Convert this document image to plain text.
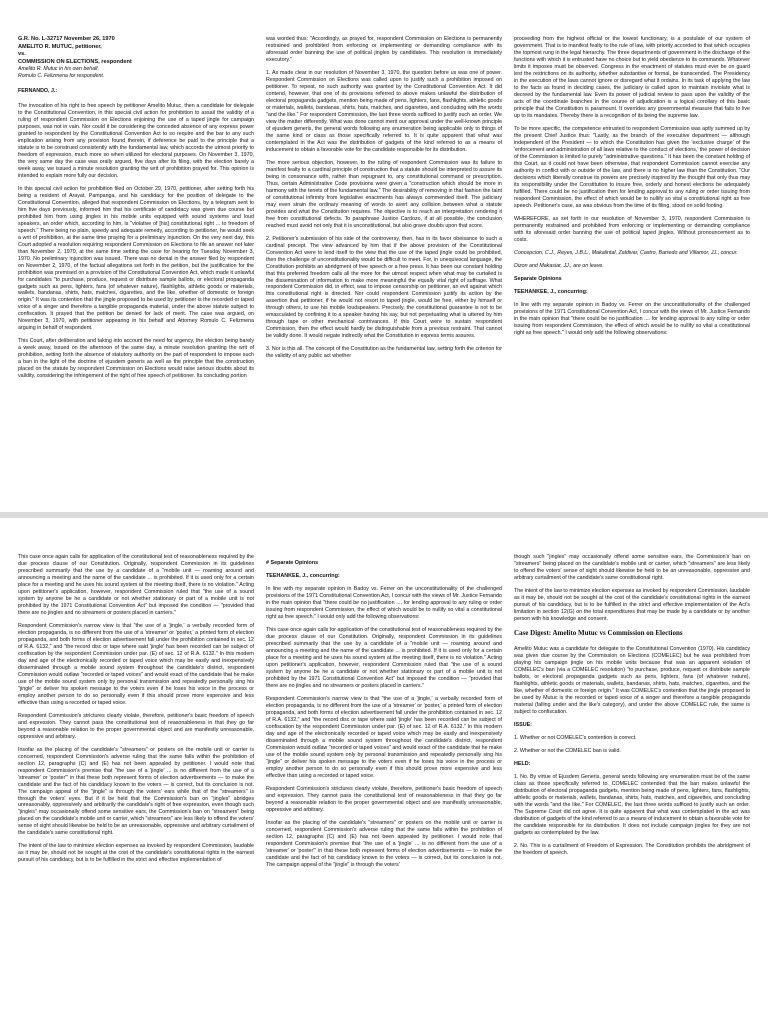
G.R. No. L-32717 November 26, 1970
AMELITO R. MUTUC, petitioner,
vs.
COMMISSION ON ELECTIONS, respondent
Amelito R. Mutuc in his own behalf.
Romulo C. Felizmena for respondent.
FERNANDO, J.:

The invocation of his right to free speech by petitioner Amelito Mutuc, then a candidate for delegate to the Constitutional Convention, in this special civil action for prohibition to assail the validity of a ruling of respondent Commission on Elections enjoining the use of a taped jingle for campaign purposes, was not in vain. Nor could it be considering the conceded absence of any express power granted to respondent by the Constitutional Convention Act to so require and the bar to any such implication arising from any provision found therein, if deference be paid to the principle that a statute is to be construed consistently with the fundamental law, which accords the utmost priority to freedom of expression, much more so when utilized for electoral purposes. On November 3, 1970, the very same day the case was orally argued, five days after its filing, with the election barely a week away, we issued a minute resolution granting the writ of prohibition prayed for. This opinion is intended to explain more fully our decision.

In this special civil action for prohibition filed on October 29, 1970, petitioner, after setting forth his being a resident of Arayat, Pampanga, and his candidacy for the position of delegate to the Constitutional Convention, alleged that respondent Commission on Elections, by a telegram sent to him five days previously, informed him that his certificate of candidacy was given due course but prohibited him from using jingles in his mobile units equipped with sound systems and loud speakers, an order which, according to him, is "violative of [his] constitutional right ... to freedom of speech." There being no plain, speedy and adequate remedy, according to petitioner, he would seek a writ of prohibition, at the same time praying for a preliminary injunction. On the very next day, this Court adopted a resolution requiring respondent Commission on Elections to file an answer not later than November 2, 1970, at the same time setting the case for hearing for Tuesday November 3, 1970. No preliminary injunction was issued. There was no denial in the answer filed by respondent on November 2, 1970, of the factual allegations set forth in the petition, but the justification for the prohibition was premised on a provision of the Constitutional Convention Act, which made it unlawful for candidates "to purchase, produce, request or distribute sample ballots, or electoral propaganda gadgets such as pens, lighters, fans (of whatever nature), flashlights, athletic goods or materials, wallets, bandanas, shirts, hats, matches, cigarettes, and the like, whether of domestic or foreign origin." It was its contention that the jingle proposed to be used by petitioner is the recorded or taped voice of a singer and therefore a tangible propaganda material, under the above statute subject to confiscation. It prayed that the petition be denied for lack of merit. The case was argued, on November 3, 1970, with petitioner appearing in his behalf and Attorney Romulo C. Felizmena arguing in behalf of respondent.

This Court, after deliberation and taking into account the need for urgency, the election being barely a week away, issued on the afternoon of the same day, a minute resolution granting the writ of prohibition, setting forth the absence of statutory authority on the part of respondent to impose such a ban in the light of the doctrine of ejusdem generis as well as the principle that the construction placed on the statute by respondent Commission on Elections would raise serious doubts about its validity, considering the infringement of the right of free speech of petitioner. Its concluding portion

was worded thus: "Accordingly, as prayed for, respondent Commission on Elections is permanently restrained and prohibited from enforcing or implementing or demanding compliance with its aforesaid order banning the use of political jingles by candidates. This resolution is immediately executory."

1. As made clear in our resolution of November 3, 1970, the question before us was one of power. Respondent Commission on Elections was called upon to justify such a prohibition imposed on petitioner. To repeat, no such authority was granted by the Constitutional Convention Act. It did contend, however, that one of its provisions referred to above makes unlawful the distribution of electoral propaganda gadgets, mention being made of pens, lighters, fans, flashlights, athletic goods or materials, wallets, bandanas, shirts, hats, matches, and cigarettes, and concluding with the words "and the like." For respondent Commission, the last three words sufficed to justify such an order. We view the matter differently. What was done cannot merit our approval under the well-known principle of ejusdem generis, the general words following any enumeration being applicable only to things of the same kind or class as those specifically referred to. It is quite apparent that what was contemplated in the Act was the distribution of gadgets of the kind referred to as a means of inducement to obtain a favorable vote for the candidate responsible for its distribution.

The more serious objection, however, to the ruling of respondent Commission was its failure to manifest fealty to a cardinal principle of construction that a statute should be interpreted to assure its being in consonance with, rather than repugnant to, any constitutional command or prescription. Thus, certain Administrative Code provisions were given a "construction which should be more in harmony with the tenets of the fundamental law." The desirability of removing in that fashion the taint of constitutional infirmity from legislative enactments has always commended itself. The judiciary may even strain the ordinary meaning of words to avert any collision between what a statute provides and what the Constitution requires. The objective is to reach an interpretation rendering it free from constitutional defects. To paraphrase Justice Cardozo, if at all possible, the conclusion reached must avoid not only that it is unconstitutional, but also grave doubts upon that score.

2. Petitioner's submission of his side of the controversy, then, has in its favor obeisance to such a cardinal precept. The view advanced by him that if the above provision of the Constitutional Convention Act were to lend itself to the view that the use of the taped jingle could be prohibited, then the challenge of unconstitutionality would be difficult to meet. For, in unequivocal language, the Constitution prohibits an abridgment of free speech or a free press. It has been our constant holding that this preferred freedom calls all the more for the utmost respect when what may be curtailed is the dissemination of information to make more meaningful the equally vital right of suffrage. What respondent Commission did, in effect, was to impose censorship on petitioner, an evil against which this constitutional right is directed. Nor could respondent Commission justify its action by the assertion that petitioner, if he would not resort to taped jingle, would be free, either by himself or through others, to use his mobile loudspeakers. Precisely, the constitutional guarantee is not to be emasculated by confining it to a speaker having his say, but not perpetuating what is uttered by him through tape or other mechanical contrivances. If this Court were to sustain respondent Commission, then the effect would hardly be distinguishable from a previous restraint. That cannot be validly done. It would negate indirectly what the Constitution in express terms assures.

3. Nor is this all. The concept of the Constitution as the fundamental law, setting forth the criterion for the validity of any public act whether

proceeding from the highest official or the lowest functionary, is a postulate of our system of government. That is to manifest fealty to the rule of law, with priority accorded to that which occupies the topmost rung in the legal hierarchy. The three departments of government in the discharge of the functions with which it is entrusted have no choice but to yield obedience to its commands. Whatever limits it imposes must be observed. Congress in the enactment of statutes must ever be on guard lest the restrictions on its authority, whether substantive or formal, be transcended. The Presidency in the execution of the laws cannot ignore or disregard what it ordains. In its task of applying the law to the facts as found in deciding cases, the judiciary is called upon to maintain inviolate what is decreed by the fundamental law. Even its power of judicial review to pass upon the validity of the acts of the coordinate branches in the course of adjudication is a logical corollary of this basic principle that the Constitution is paramount. It overrides any governmental measure that fails to live up to its mandates. Thereby there is a recognition of its being the supreme law.

To be more specific, the competence entrusted to respondent Commission was aptly summed up by the present Chief Justice thus: "Lastly, as the branch of the executive department — although independent of the President — to which the Constitution has given the 'exclusive charge' of the 'enforcement and administration of all laws relative to the conduct of elections,' the power of decision of the Commission is limited to purely "administrative questions." It has been the constant holding of this Court, as it could not have been otherwise, that respondent Commission cannot exercise any authority in conflict with or outside of the law, and there is no higher law than the Constitution. "Our decisions which liberally construe its powers are precisely inspired by the thought that only thus may its responsibility under the Constitution to insure free, orderly and honest elections be adequately fulfilled. There could be no justification then for lending approval to any ruling or order issuing from respondent Commission, the effect of which would be to nullify so vital a constitutional right as free speech. Petitioner's case, as was obvious from the time of its filing, stood on solid footing.

WHEREFORE, as set forth in our resolution of November 3, 1970, respondent Commission is permanently restrained and prohibited from enforcing or implementing or demanding compliance with its aforesaid order banning the use of political taped jingles. Without pronouncement as to costs.

Concepcion, C.J., Reyes, J.B.L., Makalintal, Zaldivar, Castro, Barredo and Villamor, JJ., concur.

Dizon and Makasiar, JJ., are on leave.

Separate Opinions
TEEHANKEE, J., concurring:

In line with my separate opinion in Badoy vs. Ferrer on the unconstitutionality of the challenged provisions of the 1971 Constitutional Convention Act, I concur with the views of Mr. Justice Fernando in the main opinion that "there could be no justification .... for lending approval to any ruling or order issuing from respondent Commission, the effect of which would be to nullify so vital a constitutional right as free speech." I would only add the following observations:

This case once again calls for application of the constitutional test of reasonableness required by the due process clause of our Constitution. Originally, respondent Commission in its guidelines prescribed summarily that the use by a candidate of a "mobile unit — roaming around and announcing a meeting and the name of the candidate ... is prohibited. If it is used only for a certain place for a meeting and he uses his sound system at the meeting itself, there is no violation." Acting upon petitioner's application, however, respondent Commission ruled that "the use of a sound system by anyone be he a candidate or not whether stationary or part of a mobile unit is not prohibited by the 1971 Constitutional Convention Act" but imposed the condition — "provided that there are no jingles and no streamers or posters placed in carriers."

Respondent Commission's narrow view is that "the use of a 'jingle,' a verbally recorded form of election propaganda, is no different from the use of a 'streamer' or 'poster,' a printed form of election propaganda, and both forms of election advertisement fall under the prohibition contained in sec. 12 of R.A. 6132," and "the record disc or tape where said 'jingle' has been recorded can be subject of confiscation by the respondent Commission under par. (E) of sec. 12 of R.A. 6132." In this modern day and age of the electronically recorded or taped voice which may be easily and inexpensively disseminated through a mobile sound system throughout the candidate's district, respondent Commission would outlaw "recorded or taped voices" and would exact of the candidate that he make use of the mobile sound system only by personal transmission and repeatedly personally sing his "jingle" or deliver his spoken message to the voters even if he loses his voice in the process or employ another person to do so personally even if this should prove more expensive and less effective than using a recorded or taped voice.

Respondent Commission's strictures clearly violate, therefore, petitioner's basic freedom of speech and expression. They cannot pass the constitutional test of reasonableness in that they go far beyond a reasonable relation to the proper governmental object and are manifestly unreasonable, oppressive and arbitrary.

Insofar as the placing of the candidate's "streamers" or posters on the mobile unit or carrier is concerned, respondent Commission's adverse ruling that the same falls within the prohibition of section 12, paragraphs (C) and (E) has not been appealed by petitioner. I would note that respondent Commission's premise that "the use of a 'jingle' ... is no different from the use of a 'streamer' or 'poster'" in that these both represent forms of election advertisements — to make the candidate and the fact of his candidacy known to the voters — is correct, but its conclusion is not. The campaign appeal of the "jingle" is through the voters' ears while that of the "streamers" is through the voters' eyes. But if it be held that the Commission's ban on "jingles" abridges unreasonably, oppressively and arbitrarily the candidate's right of free expression, even though such "jingles" may occasionally offend some sensitive ears, the Commission's ban on "streamers" being placed on the candidate's mobile unit or carrier, which "streamers" are less likely to offend the voters' sense of sight should likewise be held to be an unreasonable, oppressive and arbitrary curtailment of the candidate's same constitutional right.

The intent of the law to minimize election expenses as invoked by respondent Commission, laudable as it may be, should not be sought at the cost of the candidate's constitutional rights in the earnest pursuit of his candidacy, but is to be fulfilled in the strict and effective implementation of

# Separate Opinions
TEEHANKEE, J., concurring:

In line with my separate opinion in Badoy vs. Ferrer on the unconstitutionality of the challenged provisions of the 1971 Constitutional Convention Act, I concur with the views of Mr. Justice Fernando in the main opinion that "there could be no justification .... for lending approval to any ruling or order issuing from respondent Commission, the effect of which would be to nullify so vital a constitutional right as free speech." I would only add the following observations:

This case once again calls for application of the constitutional test of reasonableness required by the due process clause of our Constitution. Originally, respondent Commission in its guidelines prescribed summarily that the use by a candidate of a "mobile unit — roaming around and announcing a meeting and the name of the candidate ... is prohibited. If it is used only for a certain place for a meeting and he uses his sound system at the meeting itself, there is no violation." Acting upon petitioner's application, however, respondent Commission ruled that "the use of a sound system by anyone be he a candidate or not whether stationary or part of a mobile unit is not prohibited by the 1971 Constitutional Convention Act" but imposed the condition — "provided that there are no jingles and no streamers or posters placed in carriers."

Respondent Commission's narrow view is that "the use of a 'jingle,' a verbally recorded form of election propaganda, is no different from the use of a 'streamer' or 'poster,' a printed form of election propaganda, and both forms of election advertisement fall under the prohibition contained in sec. 12 of R.A. 6132," and "the record disc or tape where said 'jingle' has been recorded can be subject of confiscation by the respondent Commission under par. (E) of sec. 12 of R.A. 6132." In this modern day and age of the electronically recorded or taped voice which may be easily and inexpensively disseminated through a mobile sound system throughout the candidate's district, respondent Commission would outlaw "recorded or taped voices" and would exact of the candidate that he make use of the mobile sound system only by personal transmission and repeatedly personally sing his "jingle" or deliver his spoken message to the voters even if he loses his voice in the process or employ another person to do so personally even if this should prove more expensive and less effective than using a recorded or taped voice.

Respondent Commission's strictures clearly violate, therefore, petitioner's basic freedom of speech and expression. They cannot pass the constitutional test of reasonableness in that they go far beyond a reasonable relation to the proper governmental object and are manifestly unreasonable, oppressive and arbitrary.

Insofar as the placing of the candidate's "streamers" or posters on the mobile unit or carrier is concerned, respondent Commission's adverse ruling that the same falls within the prohibition of section 12, paragraphs (C) and (E) has not been appealed by petitioner. I would note that respondent Commission's premise that "the use of a 'jingle' ... is no different from the use of a 'streamer' or 'poster'" in that these both represent forms of election advertisements — to make the candidate and the fact of his candidacy known to the voters — is correct, but its conclusion is not. The campaign appeal of the "jingle" is through the voters'

though such "jingles" may occasionally offend some sensitive ears, the Commission's ban on "streamers" being placed on the candidate's mobile unit or carrier, which "streamers" are less likely to offend the voters' sense of sight should likewise be held to be an unreasonable, oppressive and arbitrary curtailment of the candidate's same constitutional right.

The intent of the law to minimize election expenses as invoked by respondent Commission, laudable as it may be, should not be sought at the cost of the candidate's constitutional rights in the earnest pursuit of his candidacy, but is to be fulfilled in the strict and effective implementation of the Act's limitation in section 12(G) on the total expenditures that may be made by a candidate or by another person with his knowledge and consent.

Case Digest: Amelito Mutuc vs Commission on Elections

Amelito Mutuc was a candidate for delegate to the Constitutional Convention (1970). His candidacy was given due course by the Commission on Elections (COMELEC) but he was prohibited from playing his campaign jingle on his mobile units because that was an apparent violation of COMELEC's ban (via a COMELEC resolution) "to purchase, produce, request or distribute sample ballots, or electoral propaganda gadgets such as pens, lighters, fans (of whatever nature), flashlights, athletic goods or materials, wallets, bandanas, shirts, hats, matches, cigarettes, and the like, whether of domestic or foreign origin." It was COMELEC's contention that the jingle proposed to be used by Mutuc is the recorded or taped voice of a singer and therefore a tangible propaganda material (falling under and the like's category), and under the above COMELEC rule, the same is subject to confiscation.

ISSUE:

1. Whether or not COMELEC's contention is correct.

2. Whether or not the COMELEC ban is valid.

HELD:

1. No. By virtue of Ejusdem Generis, general words following any enumeration must be of the same class as those specifically referred to. COMELEC contended that the ban makes unlawful the distribution of electoral propaganda gadgets, mention being made of pens, lighters, fans, flashlights, athletic goods or materials, wallets, bandanas, shirts, hats, matches, and cigarettes, and concluding with the words "and the like." For COMELEC, the last three words sufficed to justify such an order. The Supreme Court did not agree. It is quite apparent that what was contemplated in the act was distribution of gadgets of the kind referred to as a means of inducement to obtain a favorable vote for the candidate responsible for its distribution. It does not include campaign jingles for they are not gadgets as contemplated by the law.

2. No. This is a curtailment of Freedom of Expression. The Constitution prohibits the abridgment of the freedom of speech.
